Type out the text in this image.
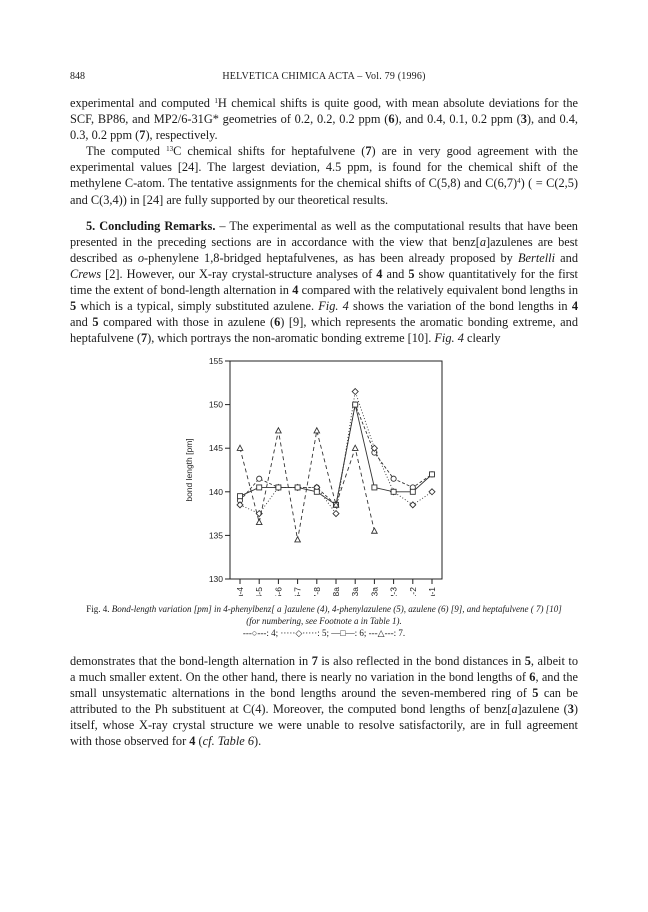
848	HELVETICA CHIMICA ACTA – Vol. 79 (1996)

experimental and computed $^1$H chemical shifts is quite good, with mean absolute deviations for the SCF, BP86, and MP2/6-31G* geometries of 0.2, 0.2, 0.2 ppm (6), and 0.4, 0.1, 0.2 ppm (3), and 0.4, 0.3, 0.2 ppm (7), respectively.

The computed $^{13}$C chemical shifts for heptafulvene (7) are in very good agreement with the experimental values [24]. The largest deviation, 4.5 ppm, is found for the chemical shift of the methylene C-atom. The tentative assignments for the chemical shifts of C(5,8) and $C(6,7)^4$) ( = C(2,5) and C(3,4)) in [24] are fully supported by our theoretical results.

5. Concluding Remarks. – The experimental as well as the computational results that have been presented in the preceding sections are in accordance with the view that benz[a]azulenes are best described as o-phenylene 1,8-bridged heptafulvenes, as has been already proposed by Bertelli and Crews [2]. However, our X-ray crystal-structure analyses of 4 and 5 show quantitatively for the first time the extent of bond-length alternation in 4 compared with the relatively equivalent bond lengths in 5 which is a typical, simply substituted azulene. Fig. 4 shows the variation of the bond lengths in 4 and 5 compared with those in azulene (6) [9], which represents the aromatic bonding extreme, and heptafulvene (7), which portrays the non-aromatic bonding extreme [10]. Fig. 4 clearly

130
135
140
145
150
155
bond length [pm]
3a-4 4-5 5-6 6-7 7-8 8-8a	3-3a 2-3 1-2 8a-1
Fig. 4. Bond-length variation [pm] in 4-phenylbenz[ a ]azulene (4), 4-phenylazulene (5), azulene (6) [9], and heptafulvene ( 7) [10] (for numbering, see Footnote a in Table 1).
---○---: 4; ·····◇·····: 5; —□—: 6; ---△---: 7.

demonstrates that the bond-length alternation in 7 is also reflected in the bond distances in 5, albeit to a much smaller extent. On the other hand, there is nearly no variation in the bond lengths of 6, and the small unsystematic alternations in the bond lengths around the seven-membered ring of 5 can be attributed to the Ph substituent at C(4). Moreover, the computed bond lengths of benz[a]azulene (3) itself, whose X-ray crystal structure we were unable to resolve satisfactorily, are in full agreement with those observed for 4 (cf. Table 6).
